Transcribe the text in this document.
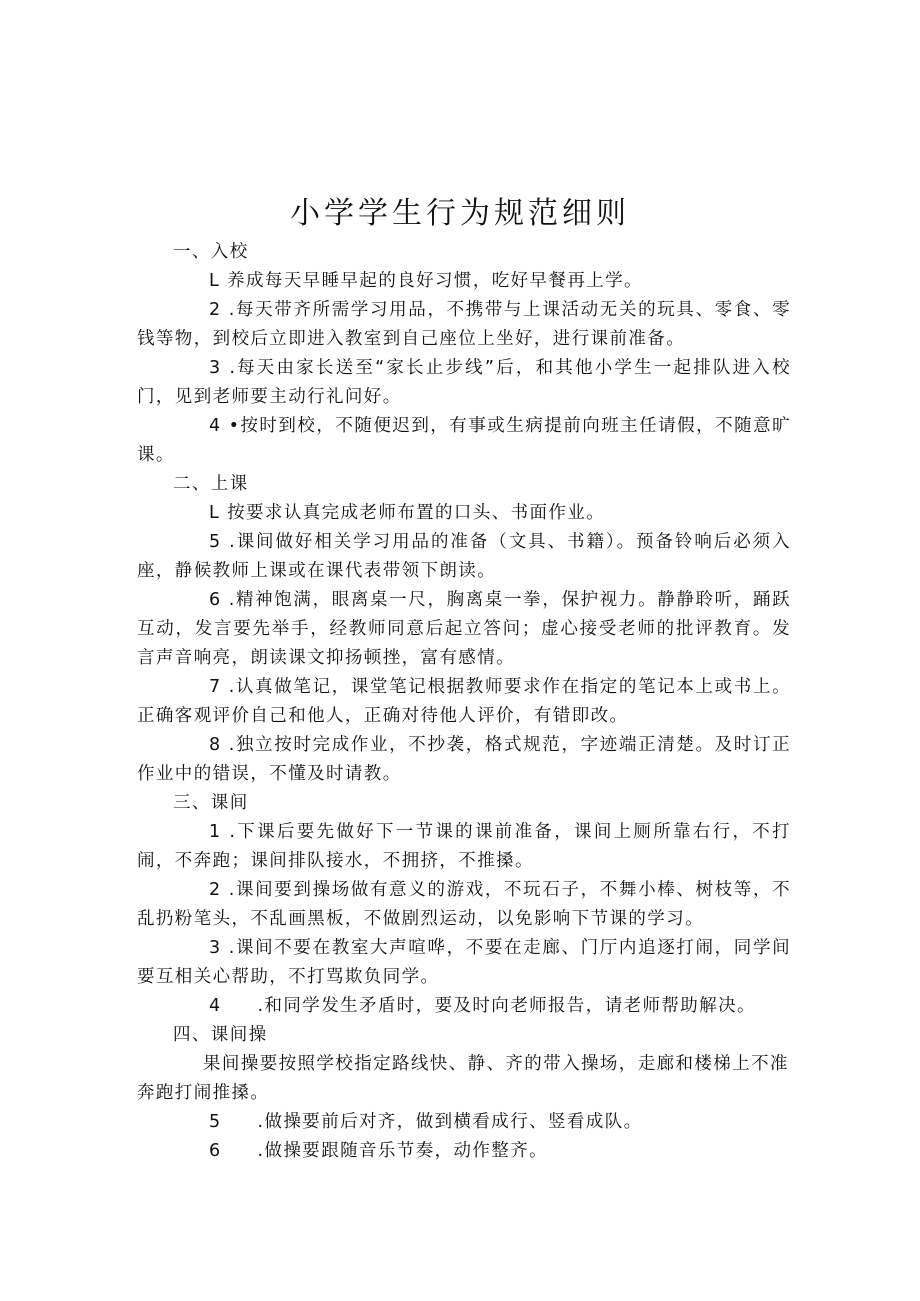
小学学生行为规范细则

一、入校

L 养成每天早睡早起的良好习惯，吃好早餐再上学。

2 .每天带齐所需学习用品，不携带与上课活动无关的玩具、零食、零钱等物，到校后立即进入教室到自己座位上坐好，进行课前准备。

3 .每天由家长送至“家长止步线”后，和其他小学生一起排队进入校门，见到老师要主动行礼问好。

4 •按时到校，不随便迟到，有事或生病提前向班主任请假，不随意旷课。

二、上课

L 按要求认真完成老师布置的口头、书面作业。

5 .课间做好相关学习用品的准备（文具、书籍）。预备铃响后必须入座，静候教师上课或在课代表带领下朗读。

6 .精神饱满，眼离桌一尺，胸离桌一拳，保护视力。静静聆听，踊跃互动，发言要先举手，经教师同意后起立答问；虚心接受老师的批评教育。发言声音响亮，朗读课文抑扬顿挫，富有感情。

7 .认真做笔记，课堂笔记根据教师要求作在指定的笔记本上或书上。正确客观评价自己和他人，正确对待他人评价，有错即改。

8 .独立按时完成作业，不抄袭，格式规范，字迹端正清楚。及时订正作业中的错误，不懂及时请教。

三、课间

1 .下课后要先做好下一节课的课前准备，课间上厕所靠右行，不打闹，不奔跑；课间排队接水，不拥挤，不推搡。

2 .课间要到操场做有意义的游戏，不玩石子，不舞小棒、树枝等，不乱扔粉笔头，不乱画黑板，不做剧烈运动，以免影响下节课的学习。

3 .课间不要在教室大声喧哗，不要在走廊、门厅内追逐打闹，同学间要互相关心帮助，不打骂欺负同学。

4 .和同学发生矛盾时，要及时向老师报告，请老师帮助解决。

四、课间操

果间操要按照学校指定路线快、静、齐的带入操场，走廊和楼梯上不准奔跑打闹推搡。

5 .做操要前后对齐，做到横看成行、竖看成队。

6 .做操要跟随音乐节奏，动作整齐。
